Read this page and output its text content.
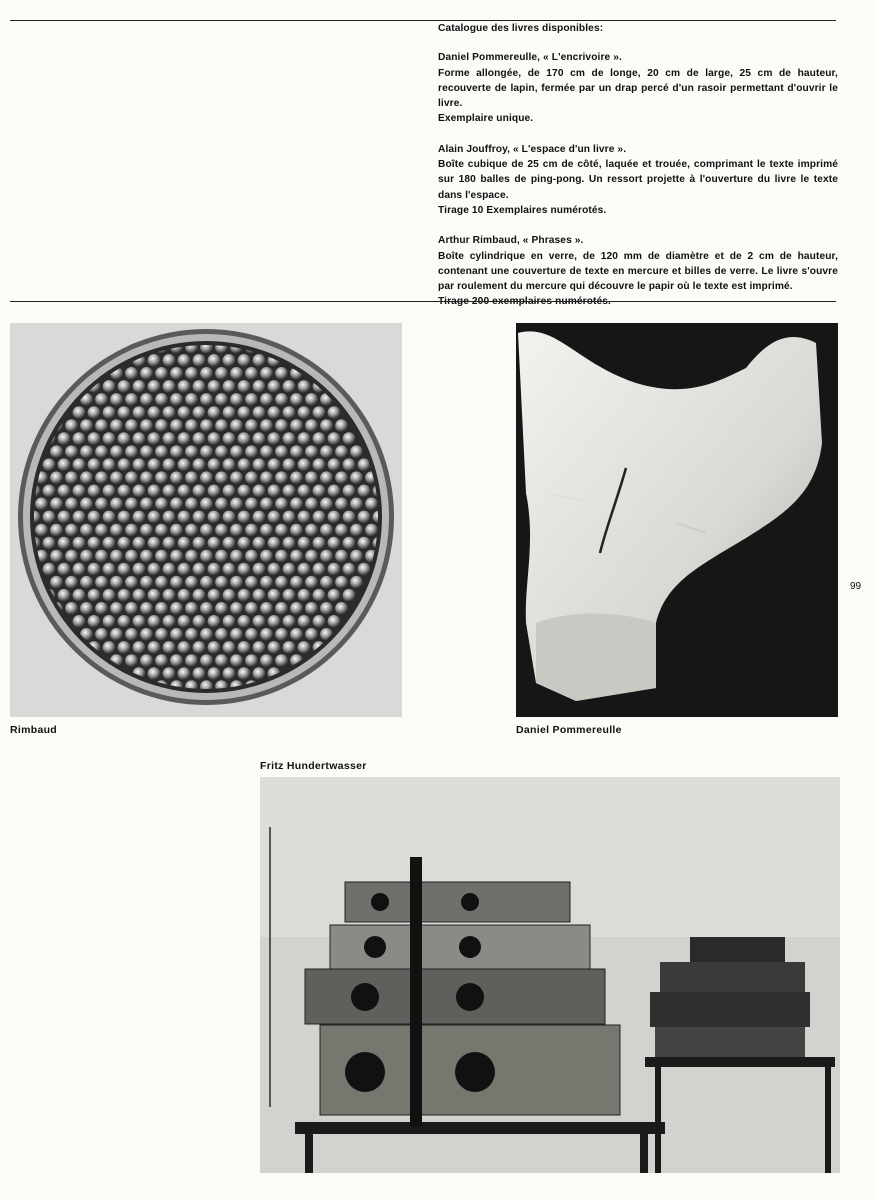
Catalogue des livres disponibles:

Daniel Pommereulle, « L'encrivoire ».

Forme allongée, de 170 cm de longe, 20 cm de large, 25 cm de hauteur, recouverte de lapin, fermée par un drap percé d'un rasoir permettant d'ouvrir le livre.

Exemplaire unique.

Alain Jouffroy, « L'espace d'un livre ».

Boîte cubique de 25 cm de côté, laquée et trouée, comprimant le texte imprimé sur 180 balles de ping-pong. Un ressort projette à l'ouverture du livre le texte dans l'espace.

Tirage 10 Exemplaires numérotés.

Arthur Rimbaud, « Phrases ».

Boîte cylindrique en verre, de 120 mm de diamètre et de 2 cm de hauteur, contenant une couverture de texte en mercure et billes de verre. Le livre s'ouvre par roulement du mercure qui découvre le papir où le texte est imprimé.

Tirage 200 exemplaires numérotés.

Rimbaud	Daniel Pommereulle
99
Fritz Hundertwasser
